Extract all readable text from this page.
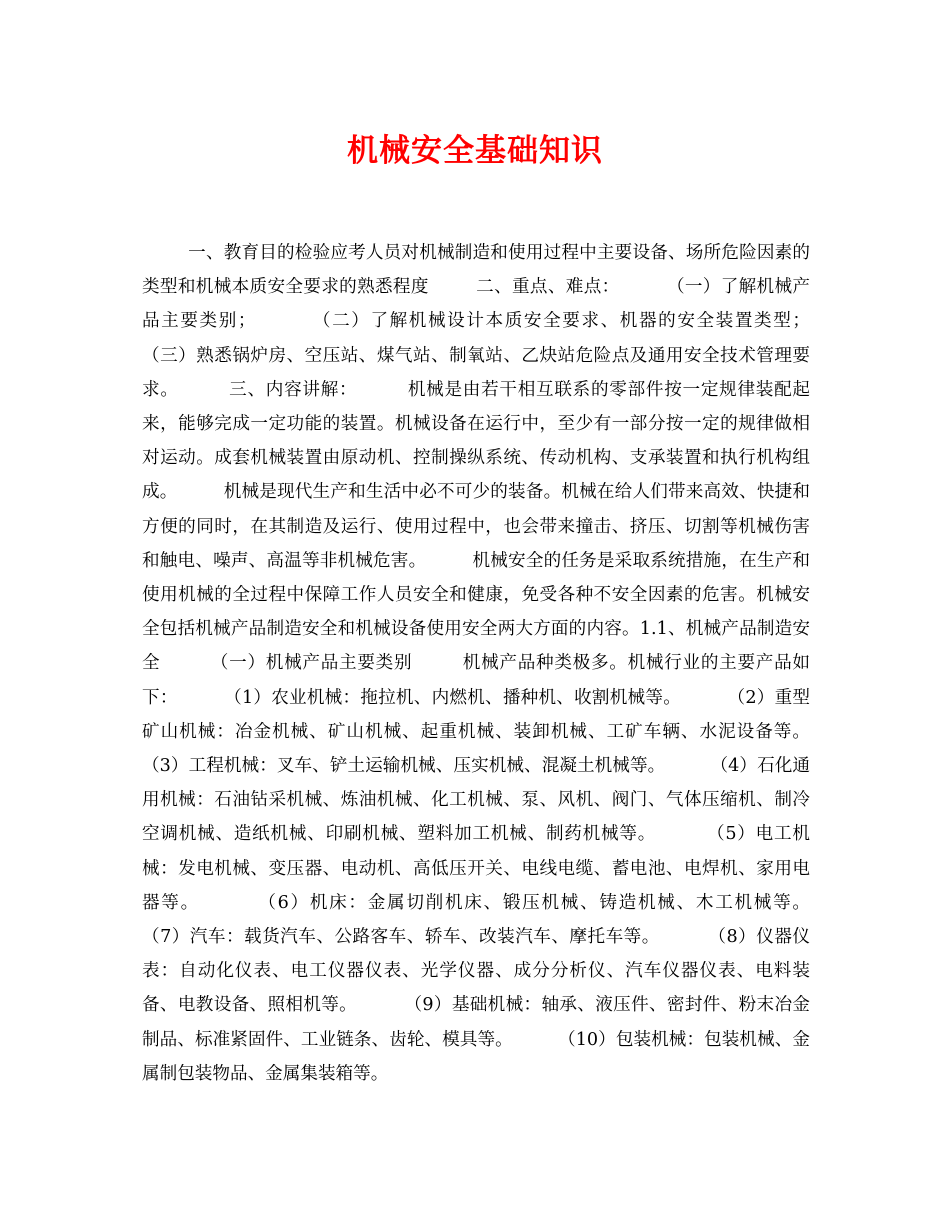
机械安全基础知识

一、教育目的检验应考人员对机械制造和使用过程中主要设备、场所危险因素的类型和机械本质安全要求的熟悉程度        二、重点、难点：        （一）了解机械产品主要类别；        （二）了解机械设计本质安全要求、机器的安全装置类型；        （三）熟悉锅炉房、空压站、煤气站、制氧站、乙炔站危险点及通用安全技术管理要求。        三、内容讲解：        机械是由若干相互联系的零部件按一定规律装配起来，能够完成一定功能的装置。机械设备在运行中，至少有一部分按一定的规律做相对运动。成套机械装置由原动机、控制操纵系统、传动机构、支承装置和执行机构组成。        机械是现代生产和生活中必不可少的装备。机械在给人们带来高效、快捷和方便的同时，在其制造及运行、使用过程中，也会带来撞击、挤压、切割等机械伤害和触电、噪声、高温等非机械危害。        机械安全的任务是采取系统措施，在生产和使用机械的全过程中保障工作人员安全和健康，免受各种不安全因素的危害。机械安全包括机械产品制造安全和机械设备使用安全两大方面的内容。1.1、机械产品制造安全        （一）机械产品主要类别        机械产品种类极多。机械行业的主要产品如下：        （1）农业机械：拖拉机、内燃机、播种机、收割机械等。        （2）重型矿山机械：冶金机械、矿山机械、起重机械、装卸机械、工矿车辆、水泥设备等。        （3）工程机械：叉车、铲土运输机械、压实机械、混凝土机械等。        （4）石化通用机械：石油钻采机械、炼油机械、化工机械、泵、风机、阀门、气体压缩机、制冷空调机械、造纸机械、印刷机械、塑料加工机械、制药机械等。        （5）电工机械：发电机械、变压器、电动机、高低压开关、电线电缆、蓄电池、电焊机、家用电器等。        （6）机床：金属切削机床、锻压机械、铸造机械、木工机械等。        （7）汽车：载货汽车、公路客车、轿车、改装汽车、摩托车等。        （8）仪器仪表：自动化仪表、电工仪器仪表、光学仪器、成分分析仪、汽车仪器仪表、电料装备、电教设备、照相机等。        （9）基础机械：轴承、液压件、密封件、粉末冶金制品、标准紧固件、工业链条、齿轮、模具等。        （10）包装机械：包装机械、金属制包装物品、金属集装箱等。
